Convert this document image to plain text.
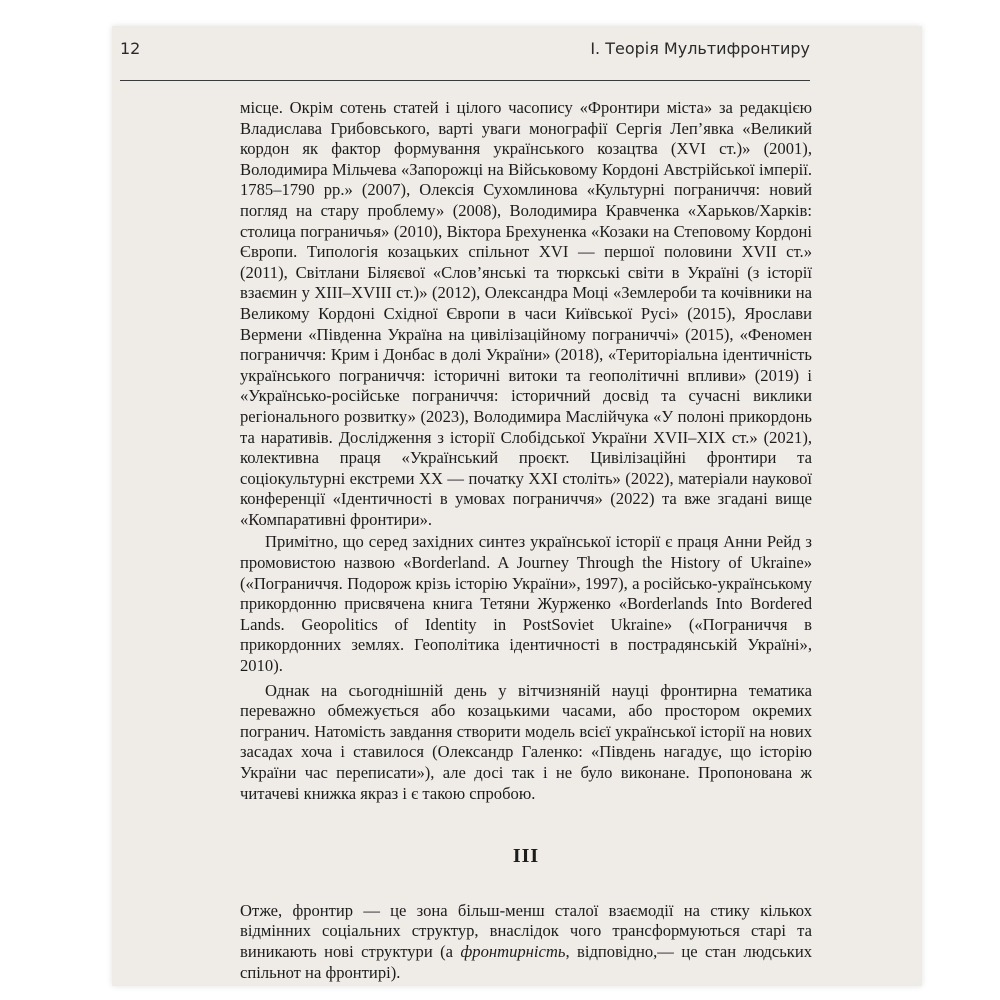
12	І. Теорія Мультифронтиру

місце. Окрім сотень статей і цілого часопису «Фронтири міста» за редакцією Владислава Грибовського, варті уваги монографії Сергія Леп’явка «Великий кордон як фактор формування українського козацтва (XVI ст.)» (2001), Володимира Мільчева «Запорожці на Військовому Кордоні Австрійської імперії. 1785–1790 рр.» (2007), Олексія Сухомлинова «Культурні пограниччя: новий погляд на стару проблему» (2008), Володимира Кравченка «Харьков/Харків: столица пограничья» (2010), Віктора Брехуненка «Козаки на Степовому Кордоні Європи. Типологія козацьких спільнот XVI — першої половини XVII ст.» (2011), Світлани Біляєвої «Слов’янські та тюркські світи в Україні (з історії взаємин у XIII–XVIII ст.)» (2012), Олександра Моці «Землероби та кочівники на Великому Кордоні Східної Європи в часи Київської Русі» (2015), Ярослави Вермени «Південна Україна на цивілізаційному пограниччі» (2015), «Феномен пограниччя: Крим і Донбас в долі України» (2018), «Територіальна ідентичність українського пограниччя: історичні витоки та геополітичні впливи» (2019) і «Українсько-російське пограниччя: історичний досвід та сучасні виклики регіонального розвитку» (2023), Володимира Маслійчука «У полоні прикордонь та наративів. Дослідження з історії Слобідської України XVII–XIX ст.» (2021), колективна праця «Український проєкт. Цивілізаційні фронтири та соціокультурні екстреми XX — початку XXI століть» (2022), матеріали наукової конференції «Ідентичності в умовах пограниччя» (2022) та вже згадані вище «Компаративні фронтири».

Примітно, що серед західних синтез української історії є праця Анни Рейд з промовистою назвою «Borderland. A Journey Through the History of Ukraine» («Пограниччя. Подорож крізь історію України», 1997), а російсько-українському прикордонню присвячена книга Тетяни Журженко «Borderlands Into Bordered Lands. Geopolitics of Identity in PostSoviet Ukraine» («Пограниччя в прикордонних землях. Геополітика ідентичності в пострадянській Україні», 2010).

Однак на сьогоднішній день у вітчизняній науці фронтирна тематика переважно обмежується або козацькими часами, або простором окремих погранич. Натомість завдання створити модель всієї української історії на нових засадах хоча і ставилося (Олександр Галенко: «Південь нагадує, що історію України час переписати»), але досі так і не було виконане. Пропонована ж читачеві книжка якраз і є такою спробою.

III

Отже, фронтир — це зона більш-менш сталої взаємодії на стику кількох відмінних соціальних структур, внаслідок чого трансформуються старі та виникають нові структури (а фронтирність, відповідно,— це стан людських спільнот на фронтирі).
